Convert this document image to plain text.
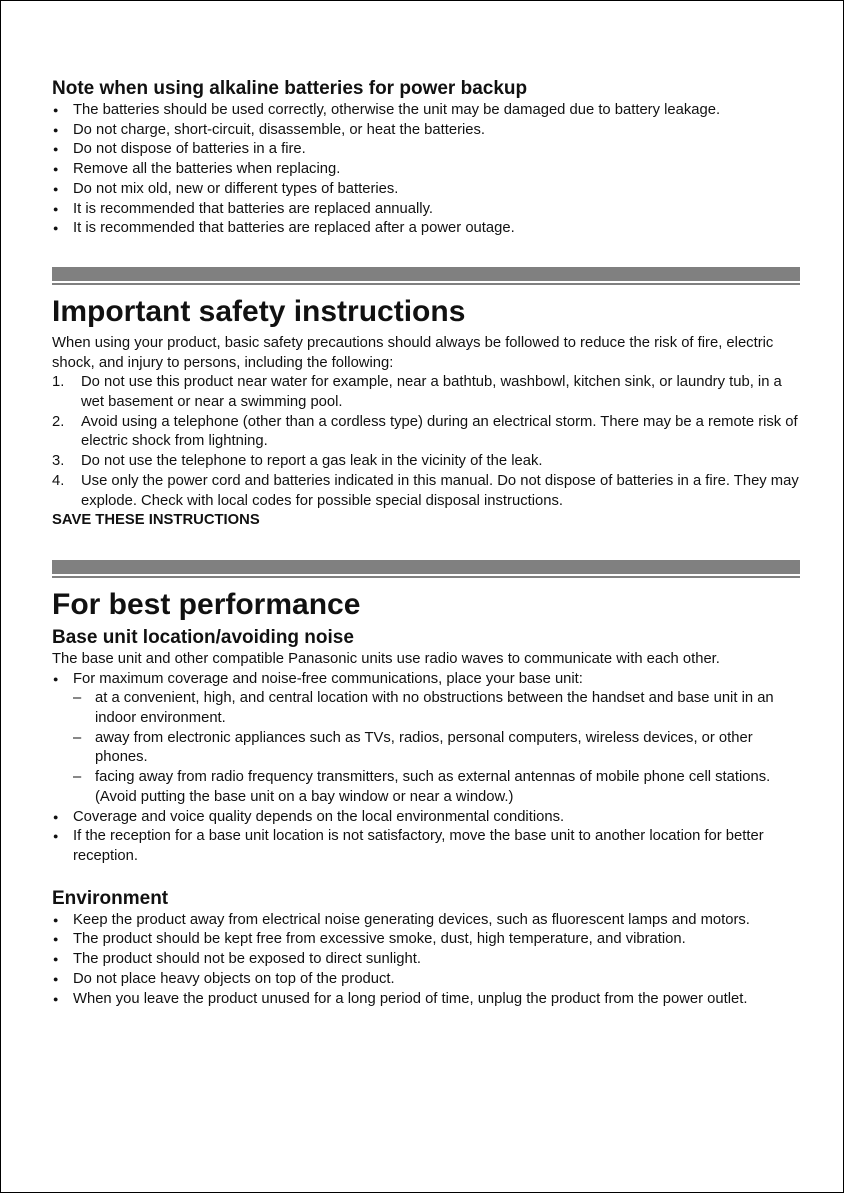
Note when using alkaline batteries for power backup

● The batteries should be used correctly, otherwise the unit may be damaged due to battery leakage.
● Do not charge, short-circuit, disassemble, or heat the batteries.
● Do not dispose of batteries in a fire.
● Remove all the batteries when replacing.
● Do not mix old, new or different types of batteries.
● It is recommended that batteries are replaced annually.
● It is recommended that batteries are replaced after a power outage.

Important safety instructions

When using your product, basic safety precautions should always be followed to reduce the risk of fire, electric shock, and injury to persons, including the following:

1. Do not use this product near water for example, near a bathtub, washbowl, kitchen sink, or laundry tub, in a wet basement or near a swimming pool.
2. Avoid using a telephone (other than a cordless type) during an electrical storm. There may be a remote risk of electric shock from lightning.
3. Do not use the telephone to report a gas leak in the vicinity of the leak.
4. Use only the power cord and batteries indicated in this manual. Do not dispose of batteries in a fire. They may explode. Check with local codes for possible special disposal instructions.

SAVE THESE INSTRUCTIONS

For best performance

Base unit location/avoiding noise

The base unit and other compatible Panasonic units use radio waves to communicate with each other.

● For maximum coverage and noise-free communications, place your base unit:
– at a convenient, high, and central location with no obstructions between the handset and base unit in an indoor environment.
– away from electronic appliances such as TVs, radios, personal computers, wireless devices, or other phones.
– facing away from radio frequency transmitters, such as external antennas of mobile phone cell stations. (Avoid putting the base unit on a bay window or near a window.)
● Coverage and voice quality depends on the local environmental conditions.
● If the reception for a base unit location is not satisfactory, move the base unit to another location for better reception.

Environment

● Keep the product away from electrical noise generating devices, such as fluorescent lamps and motors.
● The product should be kept free from excessive smoke, dust, high temperature, and vibration.
● The product should not be exposed to direct sunlight.
● Do not place heavy objects on top of the product.
● When you leave the product unused for a long period of time, unplug the product from the power outlet.
